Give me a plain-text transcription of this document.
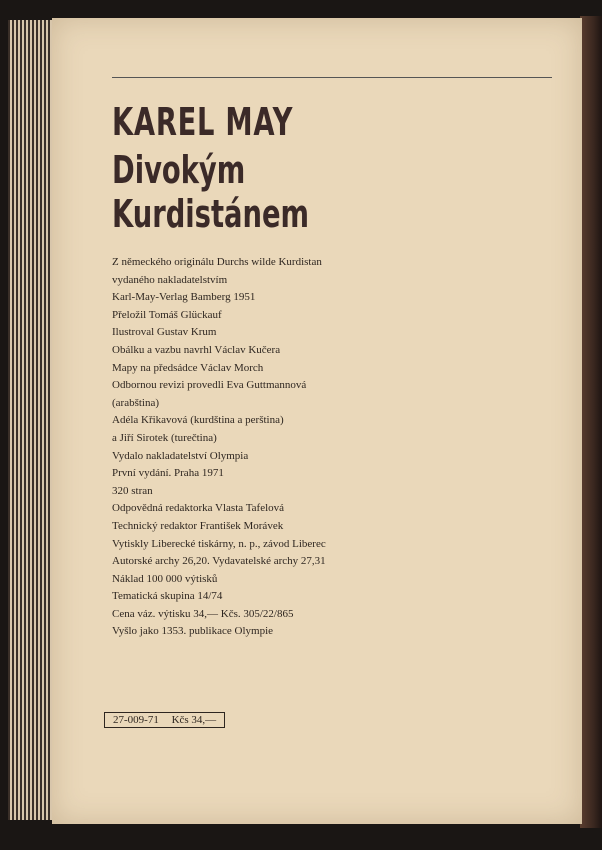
KAREL MAY
Divokým
Kurdistánem
Z německého originálu Durchs wilde Kurdistan
vydaného nakladatelstvím
Karl-May-Verlag Bamberg 1951
Přeložil Tomáš Glückauf
Ilustroval Gustav Krum
Obálku a vazbu navrhl Václav Kučera
Mapy na předsádce Václav Morch
Odbornou revizi provedli Eva Guttmannová
(arabština)
Adéla Křikavová (kurdština a perština)
a Jiří Sirotek (turečtina)
Vydalo nakladatelství Olympia
První vydání. Praha 1971
320 stran
Odpovědná redaktorka Vlasta Tafelová
Technický redaktor František Morávek
Vytiskly Liberecké tiskárny, n. p., závod Liberec
Autorské archy 26,20. Vydavatelské archy 27,31
Náklad 100 000 výtisků
Tematická skupina 14/74
Cena váz. výtisku 34,— Kčs. 305/22/865
Vyšlo jako 1353. publikace Olympie
27-009-71 Kčs 34,—
